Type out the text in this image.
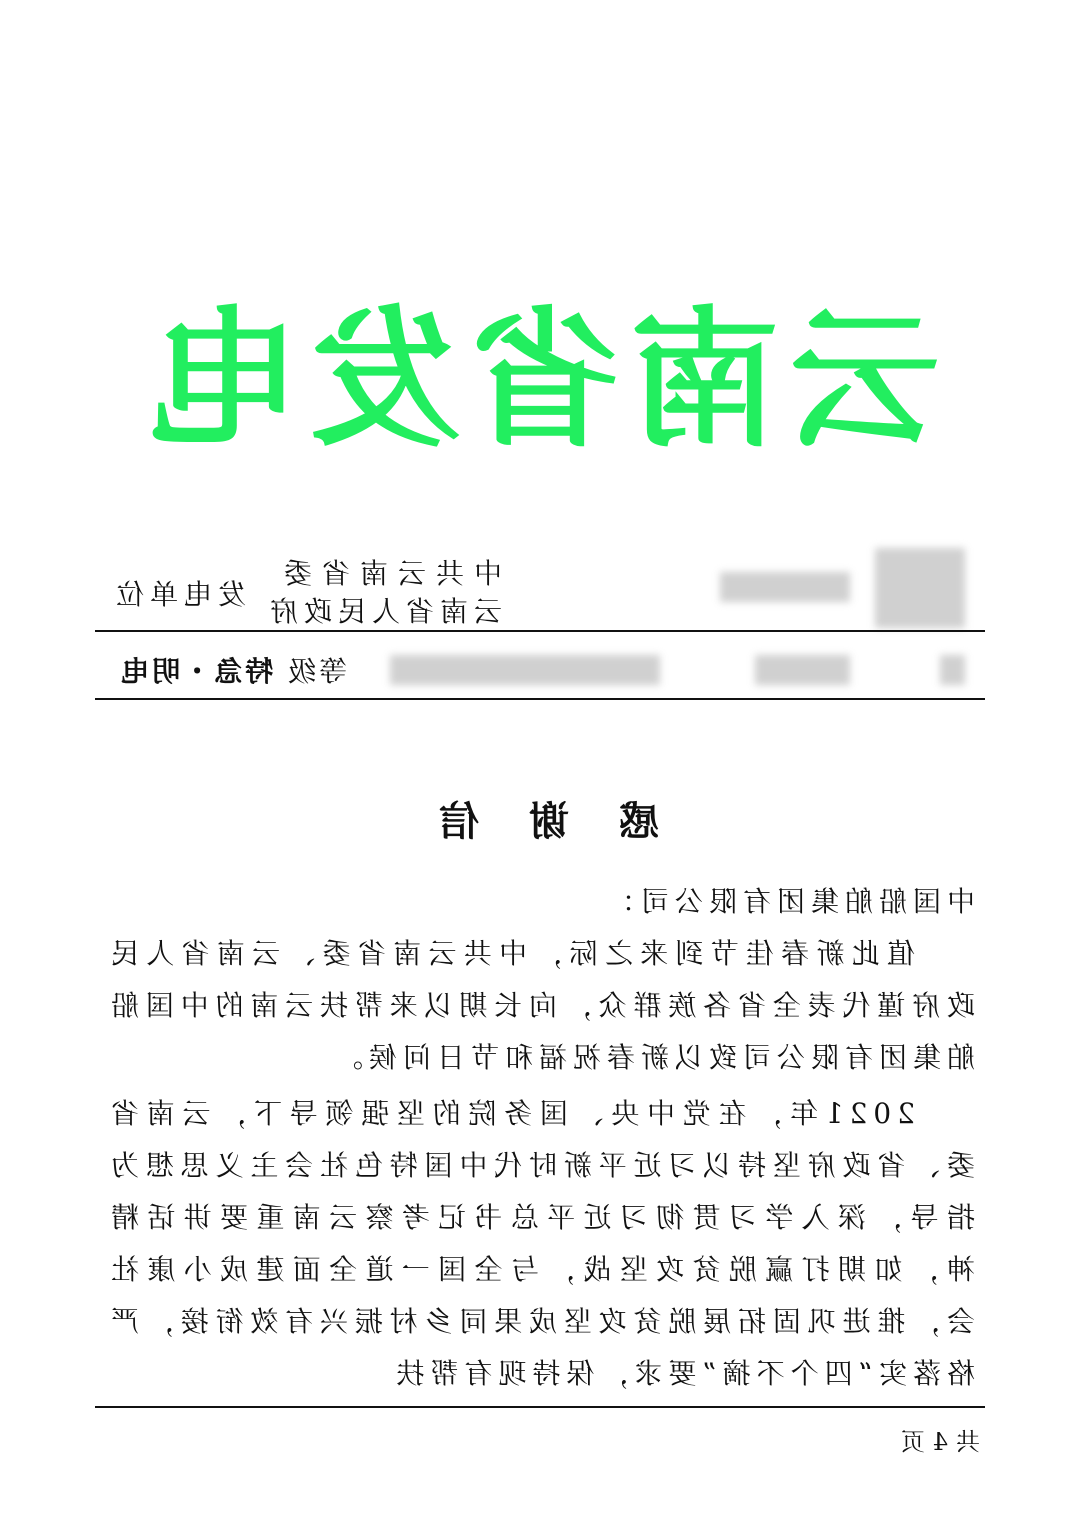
云南省发电
发电单位
中共云南省委
云南省人民政府
等级 特急・明电
感 谢 信
中国船舶集团有限公司：
值此新春佳节到来之际，中共云南省委、云南省人民政府谨代表全省各族群众，向长期以来帮扶云南的中国船舶集团有限公司致以新春祝福和节日问候。
2021年，在党中央、国务院的坚强领导下，云南省委、省政府坚持以习近平新时代中国特色社会主义思想为指导，深入学习贯彻习近平总书记考察云南重要讲话精神，如期打赢脱贫攻坚战，与全国一道全面建成小康社会，推进巩固拓展脱贫攻坚成果同乡村振兴有效衔接，严格落实“四个不摘”要求，保持现有帮扶
共4页
